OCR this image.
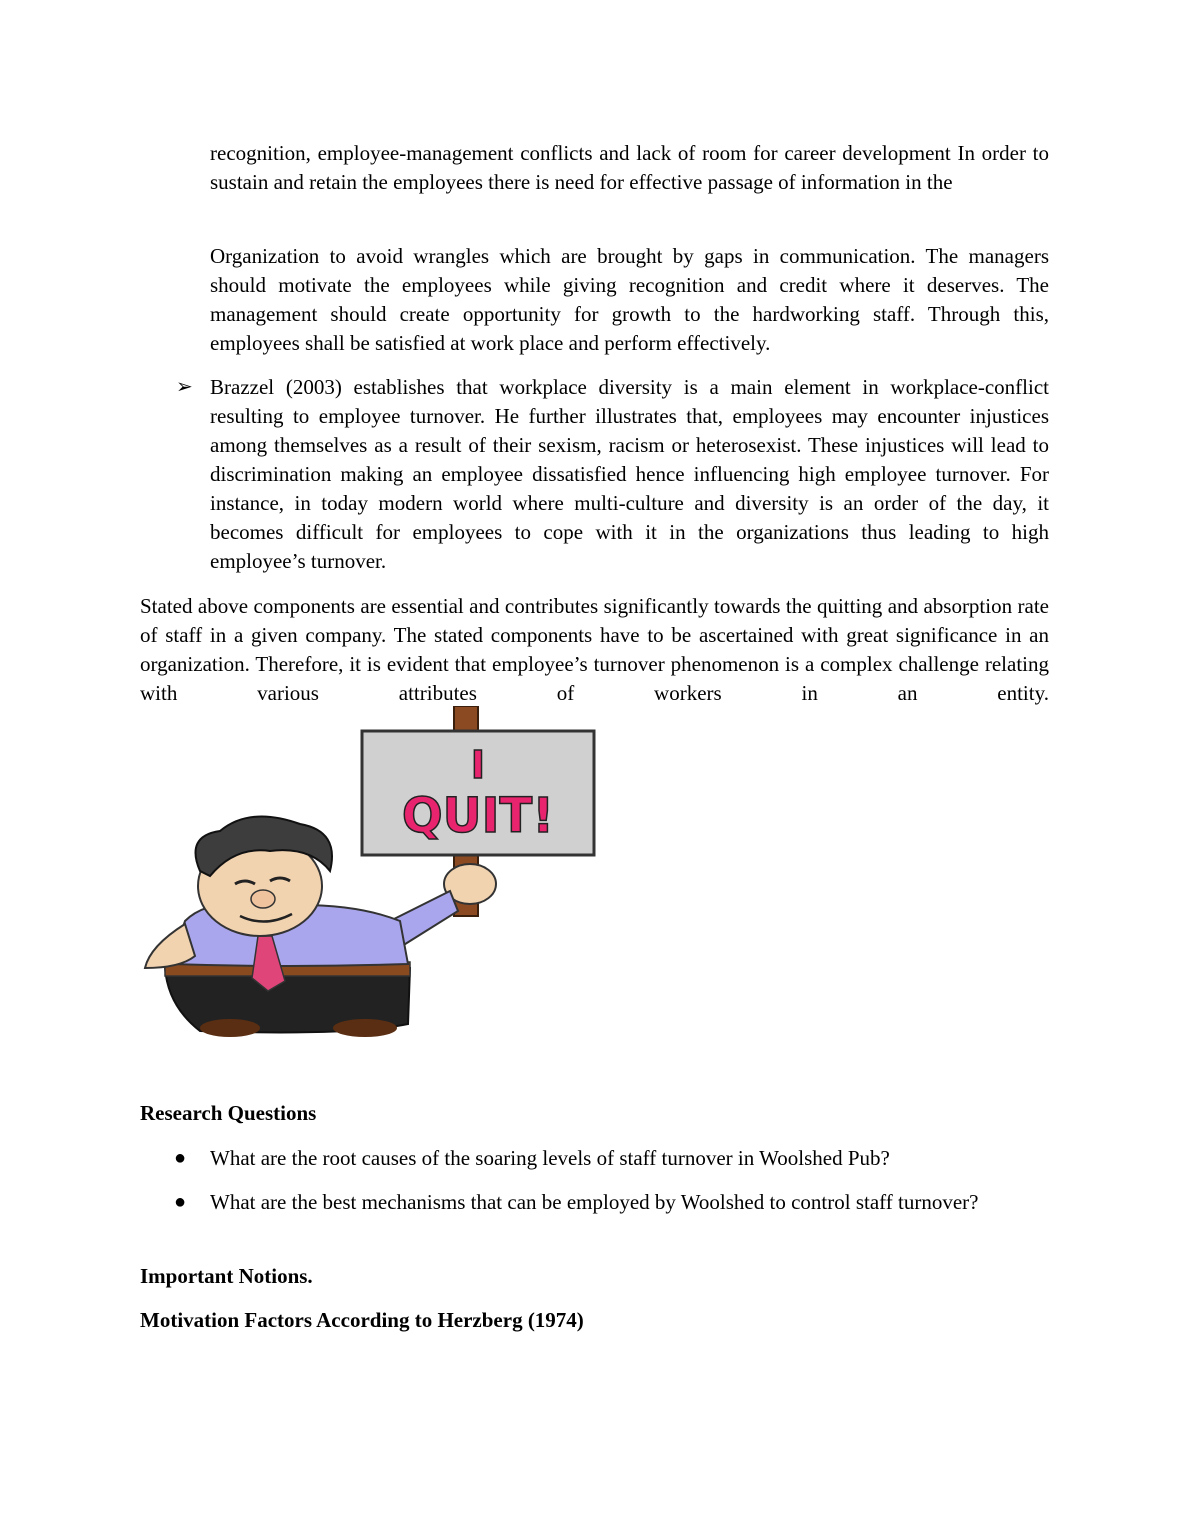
recognition, employee-management conflicts and lack of room for career development In order to sustain and retain the employees there is need for effective passage of information in the

Organization to avoid wrangles which are brought by gaps in communication. The managers should motivate the employees while giving recognition and credit where it deserves. The management should create opportunity for growth to the hardworking staff. Through this, employees shall be satisfied at work place and perform effectively.

➢ Brazzel (2003) establishes that workplace diversity is a main element in workplace-conflict resulting to employee turnover. He further illustrates that, employees may encounter injustices among themselves as a result of their sexism, racism or heterosexist. These injustices will lead to discrimination making an employee dissatisfied hence influencing high employee turnover. For instance, in today modern world where multi-culture and diversity is an order of the day, it becomes difficult for employees to cope with it in the organizations thus leading to high employee’s turnover.

Stated above components are essential and contributes significantly towards the quitting and absorption rate of staff in a given company. The stated components have to be ascertained with great significance in an organization. Therefore, it is evident that employee’s turnover phenomenon is a complex challenge relating with various attributes of workers in an entity.

I
QUIT!

Research Questions

● What are the root causes of the soaring levels of staff turnover in Woolshed Pub?

● What are the best mechanisms that can be employed by Woolshed to control staff turnover?

Important Notions.

Motivation Factors According to Herzberg (1974)
